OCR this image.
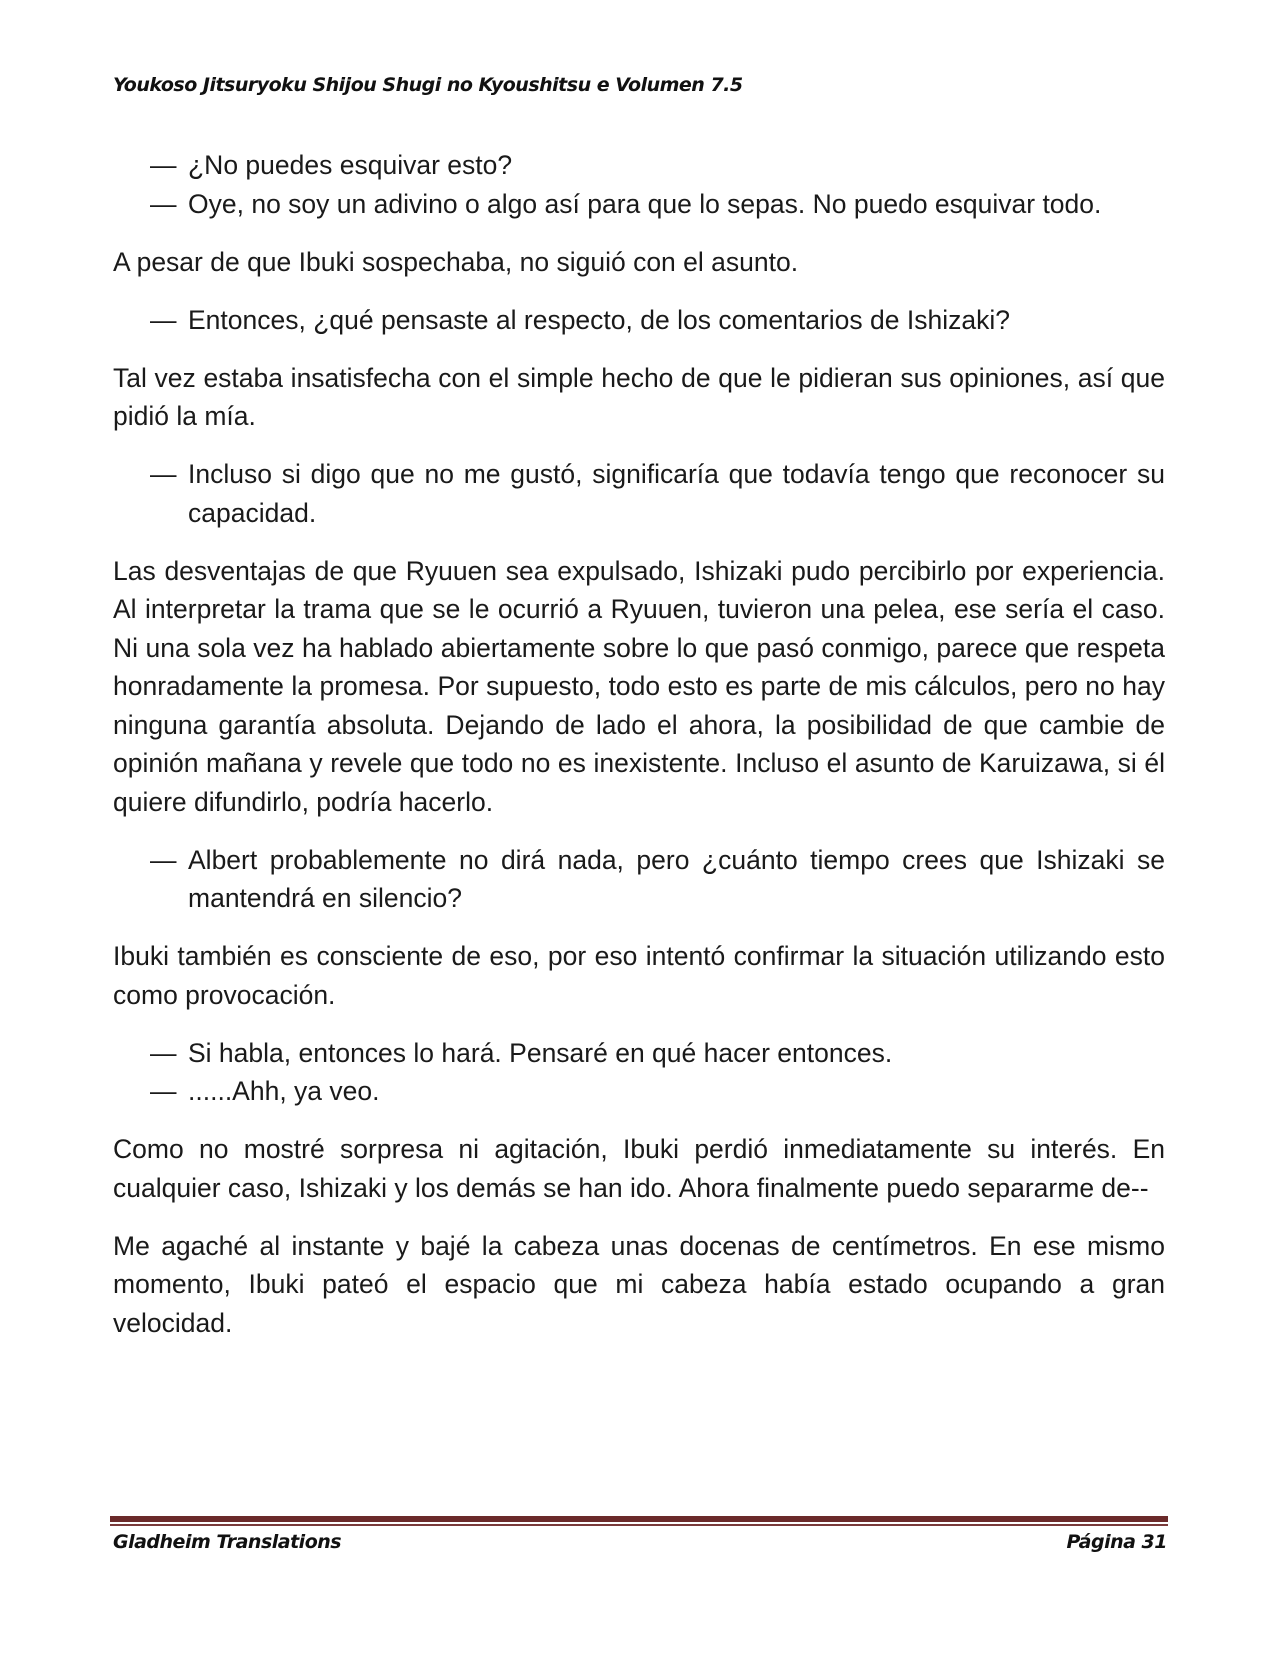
Youkoso Jitsuryoku Shijou Shugi no Kyoushitsu e Volumen 7.5

— ¿No puedes esquivar esto?

— Oye, no soy un adivino o algo así para que lo sepas. No puedo esquivar todo.

A pesar de que Ibuki sospechaba, no siguió con el asunto.

— Entonces, ¿qué pensaste al respecto, de los comentarios de Ishizaki?

Tal vez estaba insatisfecha con el simple hecho de que le pidieran sus opiniones, así que pidió la mía.

— Incluso si digo que no me gustó, significaría que todavía tengo que reconocer su capacidad.

Las desventajas de que Ryuuen sea expulsado, Ishizaki pudo percibirlo por experiencia. Al interpretar la trama que se le ocurrió a Ryuuen, tuvieron una pelea, ese sería el caso. Ni una sola vez ha hablado abiertamente sobre lo que pasó conmigo, parece que respeta honradamente la promesa. Por supuesto, todo esto es parte de mis cálculos, pero no hay ninguna garantía absoluta. Dejando de lado el ahora, la posibilidad de que cambie de opinión mañana y revele que todo no es inexistente. Incluso el asunto de Karuizawa, si él quiere difundirlo, podría hacerlo.

— Albert probablemente no dirá nada, pero ¿cuánto tiempo crees que Ishizaki se mantendrá en silencio?

Ibuki también es consciente de eso, por eso intentó confirmar la situación utilizando esto como provocación.

— Si habla, entonces lo hará. Pensaré en qué hacer entonces.

— ......Ahh, ya veo.

Como no mostré sorpresa ni agitación, Ibuki perdió inmediatamente su interés. En cualquier caso, Ishizaki y los demás se han ido. Ahora finalmente puedo separarme de--

Me agaché al instante y bajé la cabeza unas docenas de centímetros. En ese mismo momento, Ibuki pateó el espacio que mi cabeza había estado ocupando a gran velocidad.

Gladheim Translations	Página 31
